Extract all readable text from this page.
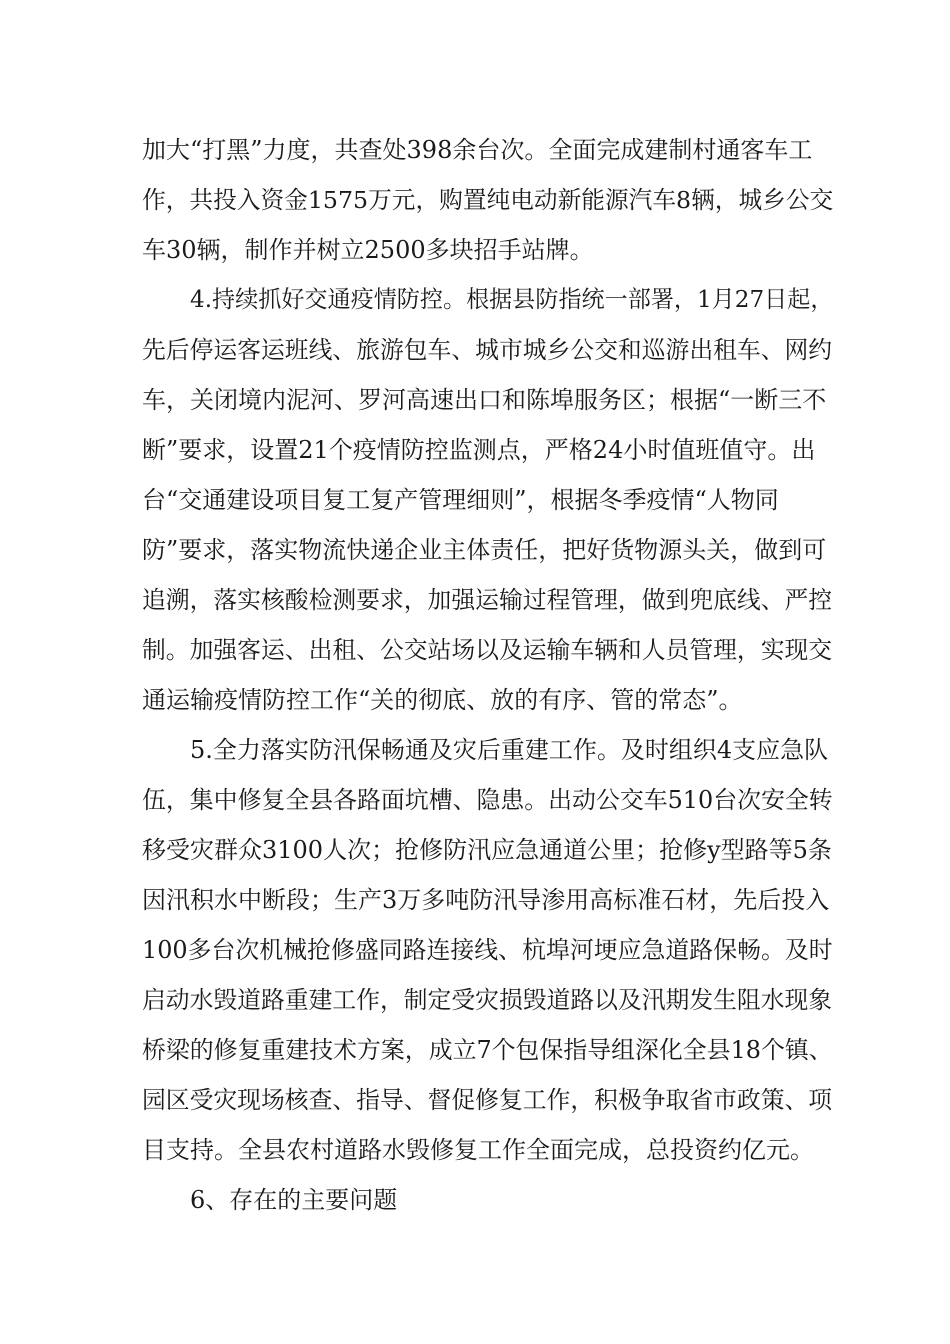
加大“打黑”力度，共查处398余台次。全面完成建制村通客车工

作，共投入资金1575万元，购置纯电动新能源汽车8辆，城乡公交

车30辆，制作并树立2500多块招手站牌。

4.持续抓好交通疫情防控。根据县防指统一部署，1月27日起，

先后停运客运班线、旅游包车、城市城乡公交和巡游出租车、网约

车，关闭境内泥河、罗河高速出口和陈埠服务区；根据“一断三不

断”要求，设置21个疫情防控监测点，严格24小时值班值守。出

台“交通建设项目复工复产管理细则”，根据冬季疫情“人物同

防”要求，落实物流快递企业主体责任，把好货物源头关，做到可

追溯，落实核酸检测要求，加强运输过程管理，做到兜底线、严控

制。加强客运、出租、公交站场以及运输车辆和人员管理，实现交

通运输疫情防控工作“关的彻底、放的有序、管的常态”。

5.全力落实防汛保畅通及灾后重建工作。及时组织4支应急队

伍，集中修复全县各路面坑槽、隐患。出动公交车510台次安全转

移受灾群众3100人次；抢修防汛应急通道公里；抢修y型路等5条

因汛积水中断段；生产3万多吨防汛导渗用高标准石材，先后投入

100多台次机械抢修盛同路连接线、杭埠河埂应急道路保畅。及时

启动水毁道路重建工作，制定受灾损毁道路以及汛期发生阻水现象

桥梁的修复重建技术方案，成立7个包保指导组深化全县18个镇、

园区受灾现场核查、指导、督促修复工作，积极争取省市政策、项

目支持。全县农村道路水毁修复工作全面完成，总投资约亿元。

6、存在的主要问题
